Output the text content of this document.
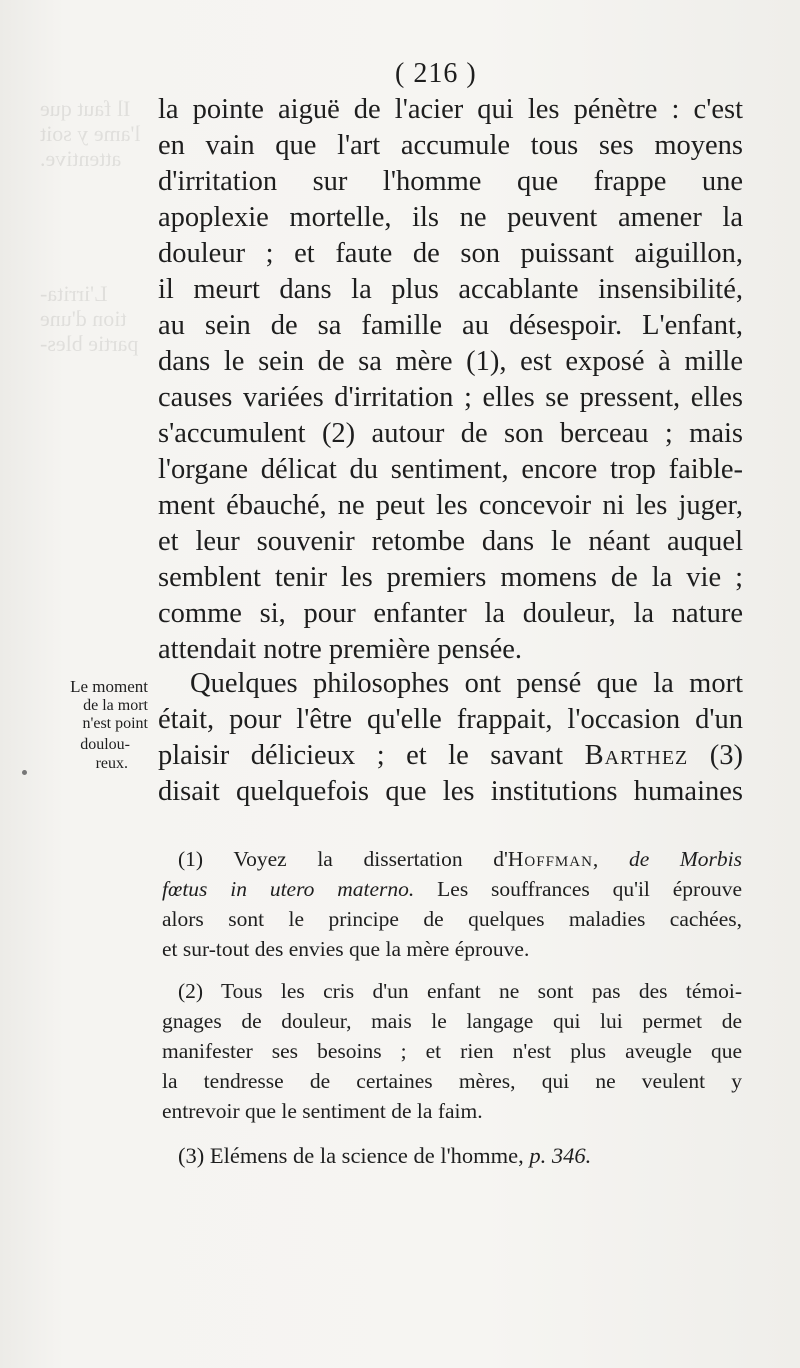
Il faut que
l'ame y soit
attentive.
L'irrita-
tion d'une
partie bles-
( 216 )
la pointe aiguë de l'acier qui les pénètre : c'est
en vain que l'art accumule tous ses moyens
d'irritation sur l'homme que frappe une
apoplexie mortelle, ils ne peuvent amener la
douleur ; et faute de son puissant aiguillon,
il meurt dans la plus accablante insensibilité,
au sein de sa famille au désespoir. L'enfant,
dans le sein de sa mère (1), est exposé à mille
causes variées d'irritation ; elles se pressent, elles
s'accumulent (2) autour de son berceau ; mais
l'organe délicat du sentiment, encore trop faible-
ment ébauché, ne peut les concevoir ni les juger,
et leur souvenir retombe dans le néant auquel
semblent tenir les premiers momens de la vie ;
comme si, pour enfanter la douleur, la nature
attendait notre première pensée.
Quelques philosophes ont pensé que la mort
était, pour l'être qu'elle frappait, l'occasion d'un
plaisir délicieux ; et le savant Barthez (3)
disait quelquefois que les institutions humaines
Le moment
de la mort
n'est point
doulou-
reux.
(1) Voyez la dissertation d'Hoffman, de Morbis
fœtus in utero materno. Les souffrances qu'il éprouve
alors sont le principe de quelques maladies cachées,
et sur-tout des envies que la mère éprouve.
(2) Tous les cris d'un enfant ne sont pas des témoi-
gnages de douleur, mais le langage qui lui permet de
manifester ses besoins ; et rien n'est plus aveugle que
la tendresse de certaines mères, qui ne veulent y
entrevoir que le sentiment de la faim.
(3) Elémens de la science de l'homme, p. 346.
